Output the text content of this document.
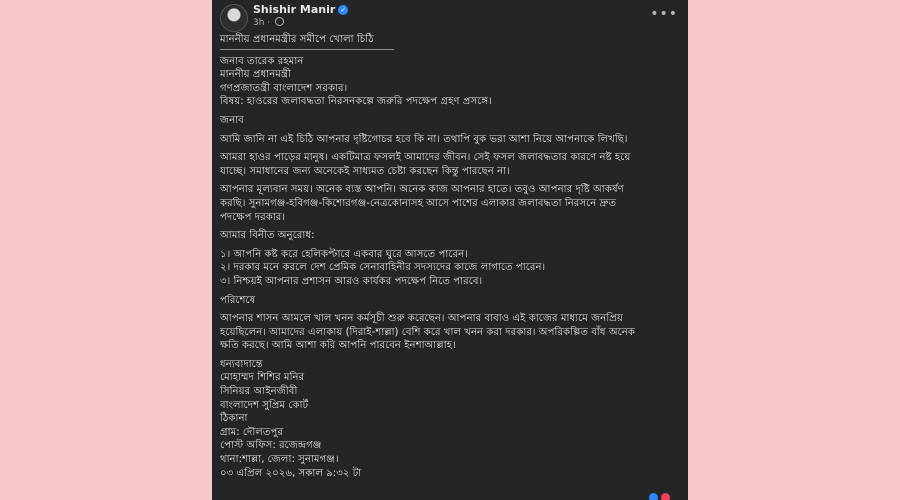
Shishir Manir ✓
3h ·
•••
মাননীয় প্রধানমন্ত্রীর সমীপে খোলা চিঠি

জনাব তারেক রহমান
মাননীয় প্রধানমন্ত্রী
গণপ্রজাতন্ত্রী বাংলাদেশ সরকার।
বিষয়: হাওরের জলাবদ্ধতা নিরসনকল্পে জরুরি পদক্ষেপ গ্রহণ প্রসঙ্গে।

জনাব

আমি জানি না এই চিঠি আপনার দৃষ্টিগোচর হবে কি না। তথাপি বুক ভরা আশা নিয়ে আপনাকে লিখছি।

আমরা হাওর পাড়ের মানুষ। একটিমাত্র ফসলই আমাদের জীবন। সেই ফসল জলাবদ্ধতার কারণে নষ্ট হয়ে
যাচ্ছে। সমাধানের জন্য অনেকেই সাধ্যমত চেষ্টা করছেন কিন্তু পারছেন না।

আপনার মূল্যবান সময়। অনেক ব্যস্ত আপনি। অনেক কাজ আপনার হাতে। তবুও আপনার দৃষ্টি আকর্ষণ
করছি। সুনামগঞ্জ-হবিগঞ্জ-কিশোরগঞ্জ-নেত্রকোনাসহ আসে পাশের এলাকার জলাবদ্ধতা নিরসনে দ্রুত
পদক্ষেপ দরকার।

আমার বিনীত অনুরোধ:
১। আপনি কষ্ট করে হেলিকপ্টারে একবার ঘুরে আসতে পারেন।
২। দরকার মনে করলে দেশ প্রেমিক সেনাবাহিনীর সদস্যদের কাজে লাগাতে পারেন।
৩। নিশ্চয়ই আপনার প্রশাসন আরও কার্যকর পদক্ষেপ নিতে পারবে।

পরিশেষে

আপনার শাসন আমলে খাল খনন কর্মসূচী শুরু করেছেন। আপনার বাবাও এই কাজের মাধ্যমে জনপ্রিয়
হয়েছিলেন। আমাদের এলাকায় (দিরাই-শাল্লা) বেশি করে খাল খনন করা দরকার। অপরিকল্পিত বাঁধ অনেক
ক্ষতি করছে। আমি আশা করি আপনি পারবেন ইনশাআল্লাহ।

ধন্যবাদান্তে
মোহাম্মদ শিশির মনির
সিনিয়র আইনজীবী
বাংলাদেশ সুপ্রিম কোর্ট
ঠিকানা
গ্রাম: দৌলতপুর
পোস্ট অফিস: রজেন্দ্রগঞ্জ
থানা:শাল্লা, জেলা: সুনামগঞ্জ।
০৩ এপ্রিল ২০২৬, সকাল ৯:৩২ টা
